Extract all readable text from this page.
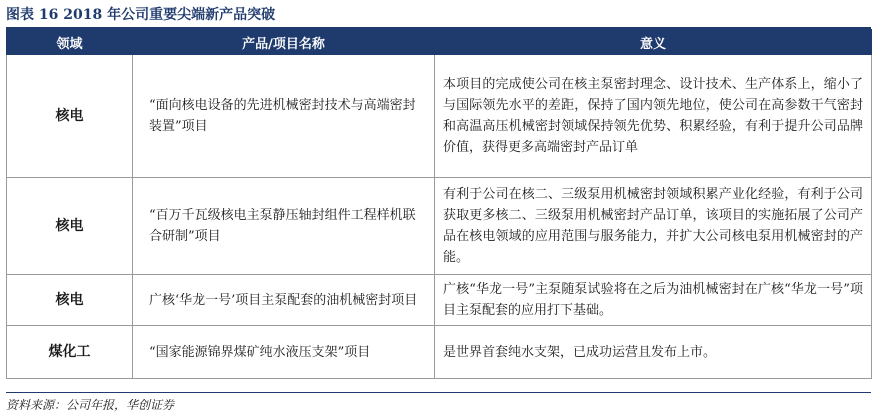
图表 16 2018 年公司重要尖端新产品突破
领域	产品/项目名称	意义
核电	“面向核电设备的先进机械密封技术与高端密封装置”项目	本项目的完成使公司在核主泵密封理念、设计技术、生产体系上，缩小了与国际领先水平的差距，保持了国内领先地位，使公司在高参数干气密封和高温高压机械密封领域保持领先优势、积累经验，有利于提升公司品牌价值，获得更多高端密封产品订单
核电	“百万千瓦级核电主泵静压轴封组件工程样机联合研制”项目	有利于公司在核二、三级泵用机械密封领域积累产业化经验，有利于公司获取更多核二、三级泵用机械密封产品订单，该项目的实施拓展了公司产品在核电领域的应用范围与服务能力，并扩大公司核电泵用机械密封的产能。
核电	广核‘华龙一号’项目主泵配套的油机械密封项目	广核“华龙一号”主泵随泵试验将在之后为油机械密封在广核“华龙一号”项目主泵配套的应用打下基础。
煤化工	“国家能源锦界煤矿纯水液压支架”项目	是世界首套纯水支架，已成功运营且发布上市。
资料来源：公司年报，华创证券
